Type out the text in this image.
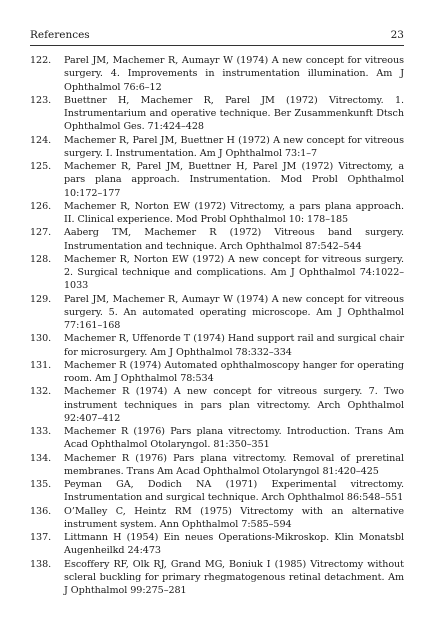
References	23
122.	Parel JM, Machemer R, Aumayr W (1974) A new concept for vitreous surgery. 4. Improvements in instrumentation illumination. Am J Ophthalmol 76:6–12
123.	Buettner H, Machemer R, Parel JM (1972) Vitrectomy. 1. Instrumentarium and operative technique. Ber Zusammenkunft Dtsch Ophthalmol Ges. 71:424–428
124.	Machemer R, Parel JM, Buettner H (1972) A new concept for vitreous surgery. I. Instrumentation. Am J Ophthalmol 73:1–7
125.	Machemer R, Parel JM, Buettner H, Parel JM (1972) Vitrectomy, a pars plana approach. Instrumentation. Mod Probl Ophthalmol 10:172–177
126.	Machemer R, Norton EW (1972) Vitrectomy, a pars plana approach. II. Clinical experience. Mod Probl Ophthalmol 10: 178–185
127.	Aaberg TM, Machemer R (1972) Vitreous band surgery. Instrumentation and technique. Arch Ophthalmol 87:542–544
128.	Machemer R, Norton EW (1972) A new concept for vitreous surgery. 2. Surgical technique and complications. Am J Ophthalmol 74:1022–1033
129.	Parel JM, Machemer R, Aumayr W (1974) A new concept for vitreous surgery. 5. An automated operating microscope. Am J Ophthalmol 77:161–168
130.	Machemer R, Uffenorde T (1974) Hand support rail and surgical chair for microsurgery. Am J Ophthalmol 78:332–334
131.	Machemer R (1974) Automated ophthalmoscopy hanger for operating room. Am J Ophthalmol 78:534
132.	Machemer R (1974) A new concept for vitreous surgery. 7. Two instrument techniques in pars plan vitrectomy. Arch Ophthalmol 92:407–412
133.	Machemer R (1976) Pars plana vitrectomy. Introduction. Trans Am Acad Ophthalmol Otolaryngol. 81:350–351
134.	Machemer R (1976) Pars plana vitrectomy. Removal of preretinal membranes. Trans Am Acad Ophthalmol Otolaryngol 81:420–425
135.	Peyman GA, Dodich NA (1971) Experimental vitrectomy. Instrumentation and surgical technique. Arch Ophthalmol 86:548–551
136.	O’Malley C, Heintz RM (1975) Vitrectomy with an alternative instrument system. Ann Ophthalmol 7:585–594
137.	Littmann H (1954) Ein neues Operations-Mikroskop. Klin Monatsbl Augenheilkd 24:473
138.	Escoffery RF, Olk RJ, Grand MG, Boniuk I (1985) Vitrectomy without scleral buckling for primary rhegmatogenous retinal detachment. Am J Ophthalmol 99:275–281
